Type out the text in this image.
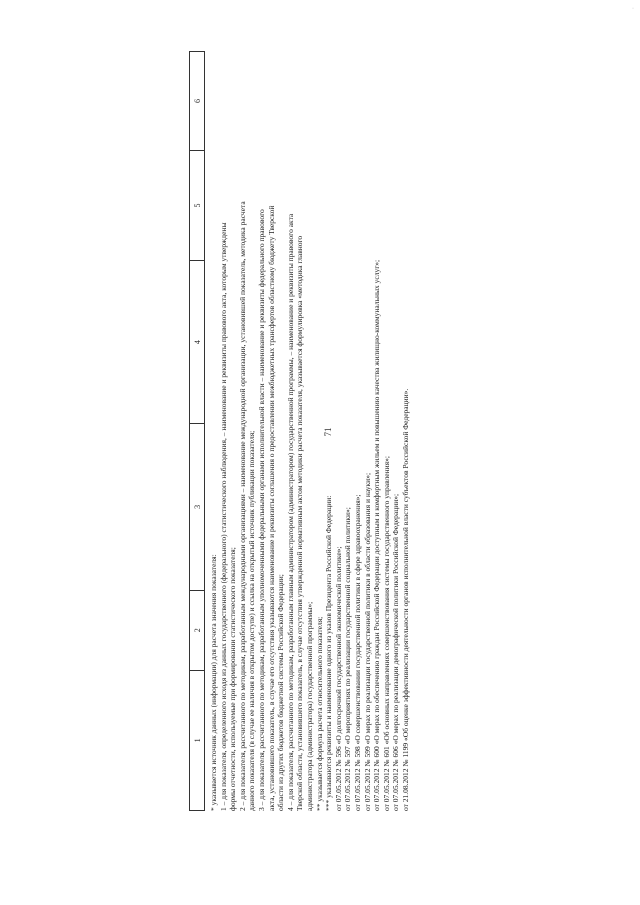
·
71
1	2	3	4	5	6
* указывается источник данных (информации) для расчета значения показателя: 1 – для показателя, определенного исходя из данных государственного (федерального) статистического наблюдения, – наименование и реквизиты правового акта, которым утверждены формы отчетности, используемые при формировании статистического показателя; 2 – для показателя, рассчитанного по методикам, разработанным международными организациями – наименование международной организации, установившей показатель, методика расчета данного показателя (в случае ее наличия в открытом доступе) и ссылка на открытый источник публикации показателя; 3 – для показателя, рассчитанного по методикам, разработанным уполномоченными федеральными органами исполнительной власти – наименование и реквизиты федерального правового акта, установившего показатель, в случае его отсутствия указываются наименование и реквизиты соглашения о предоставлении межбюджетных трансфертов областному бюджету Тверской области из других бюджетов бюджетной системы Российской Федерации; 4 – для показателя, рассчитанного по методикам, разработанным главным администратором (администратором) государственной программы, – наименование и реквизиты правового акта Тверской области, установившего показатель, в случае отсутствия утвержденной нормативным актом методики расчета показателя, указывается формулировка «методика главного администратора (администратора) государственной программы»; ** указывается формула расчета относительного показателя; *** указываются реквизиты и наименование одного из указов Президента Российской Федерации: от 07.05.2012 № 596 «О долгосрочной государственной экономической политике»; от 07.05.2012 № 597 «О мероприятиях по реализации государственной социальной политики»; от 07.05.2012 № 598 «О совершенствовании государственной политики в сфере здравоохранения»; от 07.05.2012 № 599 «О мерах по реализации государственной политики в области образования и науки»; от 07.05.2012 № 600 «О мерах по обеспечению граждан Российской Федерации доступным и комфортным жильем и повышению качества жилищно-коммунальных услуг»; от 07.05.2012 № 601 «Об основных направлениях совершенствования системы государственного управления»; от 07.05.2012 № 606 «О мерах по реализации демографической политики Российской Федерации»; от 21.08.2012 № 1199 «Об оценке эффективности деятельности органов исполнительной власти субъектов Российской Федерации».
